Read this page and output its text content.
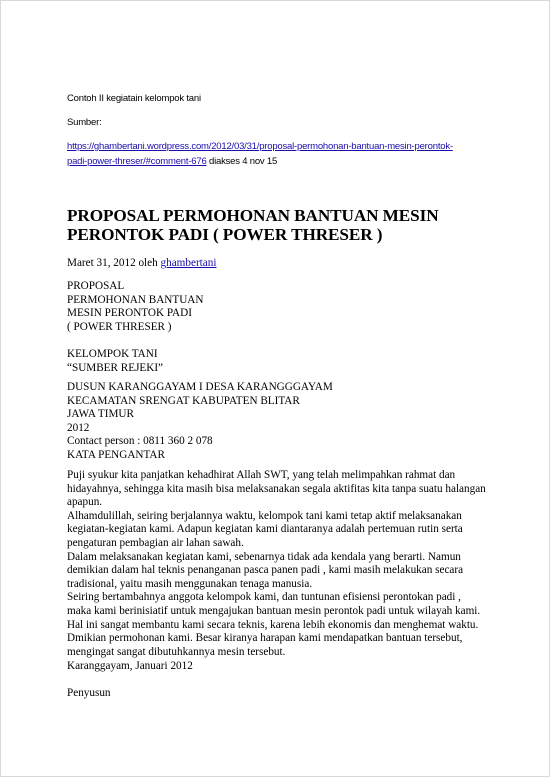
Contoh II kegiatain kelompok tani
Sumber:
https://ghambertani.wordpress.com/2012/03/31/proposal-permohonan-bantuan-mesin-perontok-
padi-power-threser/#comment-676 diakses 4 nov 15
PROPOSAL PERMOHONAN BANTUAN MESIN
PERONTOK PADI ( POWER THRESER )
Maret 31, 2012 oleh ghambertani
PROPOSAL
PERMOHONAN BANTUAN
MESIN PERONTOK PADI
( POWER THRESER )
KELOMPOK TANI
“SUMBER REJEKI”
DUSUN KARANGGAYAM I DESA KARANGGGAYAM
KECAMATAN SRENGAT KABUPATEN BLITAR
JAWA TIMUR
2012
Contact person : 0811 360 2 078
KATA PENGANTAR
Puji syukur kita panjatkan kehadhirat Allah SWT, yang telah melimpahkan rahmat dan
hidayahnya, sehingga kita masih bisa melaksanakan segala aktifitas kita tanpa suatu halangan
apapun.
Alhamdulillah, seiring berjalannya waktu, kelompok tani kami tetap aktif melaksanakan
kegiatan-kegiatan kami. Adapun kegiatan kami diantaranya adalah pertemuan rutin serta
pengaturan pembagian air lahan sawah.
Dalam melaksanakan kegiatan kami, sebenarnya tidak ada kendala yang berarti. Namun
demikian dalam hal teknis penanganan pasca panen padi , kami masih melakukan secara
tradisional, yaitu masih menggunakan tenaga manusia.
Seiring bertambahnya anggota kelompok kami, dan tuntunan efisiensi perontokan padi ,
maka kami berinisiatif untuk mengajukan bantuan mesin perontok padi untuk wilayah kami.
Hal ini sangat membantu kami secara teknis, karena lebih ekonomis dan menghemat waktu.
Dmikian permohonan kami. Besar kiranya harapan kami mendapatkan bantuan tersebut,
mengingat sangat dibutuhkannya mesin tersebut.
Karanggayam, Januari 2012
Penyusun
